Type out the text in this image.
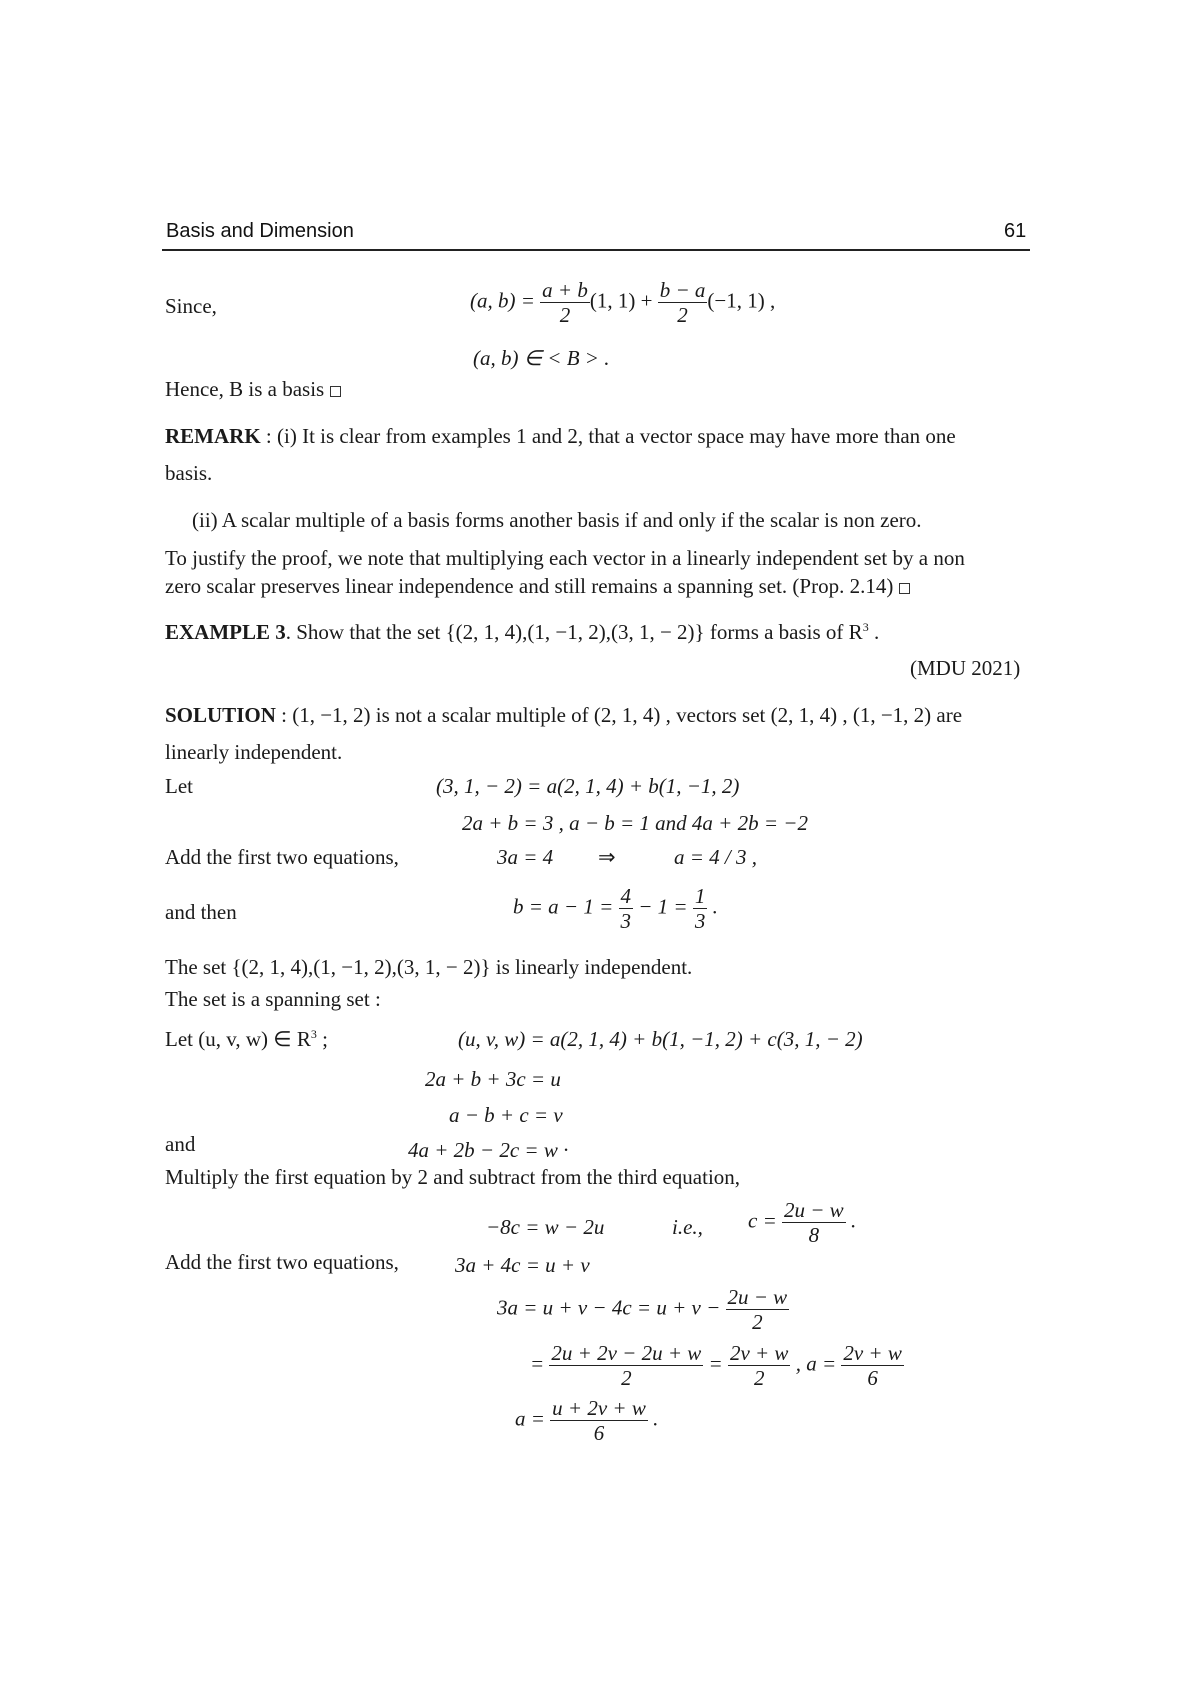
Basis and Dimension	61
Since,	(a, $b) = \frac{a + b}{2} (1$, $1) + \frac{b - a}{2} (-1$, 1) ,
(a, b) ∈ < B > .
Hence, B is a basis
REMARK : (i) It is clear from examples 1 and 2, that a vector space may have more than one
basis.
(ii) A scalar multiple of a basis forms another basis if and only if the scalar is non zero.
To justify the proof, we note that multiplying each vector in a linearly independent set by a non
zero scalar preserves linear independence and still remains a spanning set. (Prop. 2.14)
EXAMPLE 3. Show that the set {(2, 1, 4),(1, −1, 2),(3, 1, − 2)} forms a basis of $R^3$ .
(MDU 2021)
SOLUTION : (1, −1, 2) is not a scalar multiple of (2, 1, 4) , vectors set (2, 1, 4) , (1, −1, 2) are
linearly independent.
Let	(3, 1, − 2) = a(2, 1, 4) + b(1, −1, 2)
2a + b = 3 , a − b = 1 and 4a + 2b = −2
Add the first two equations,	3a = 4 ⇒	a = 4 / 3 ,
and then	$b = a - 1 = \frac{4}{3} - 1 = \frac{1}{3}$ .
The set {(2, 1, 4),(1, −1, 2),(3, 1, − 2)} is linearly independent.
The set is a spanning set :
Let (u, v, w) ∈ $R^3$ ;	(u, v, w) = a(2, 1, 4) + b(1, −1, 2) + c(3, 1, − 2)
2a + b + 3c = u
a − b + c = v
and	4a + 2b − 2c = w ·
Multiply the first equation by 2 and subtract from the third equation,
−8c = w − 2u	i.e., $c = \frac{2u - w}{8}$ .
Add the first two equations,	3a + 4c = u + v
$3a = u + v - 4c = u + v - \frac{2u - w}{2}$
= $\frac{2u + 2v - 2u + w}{2} = \frac{2v + w}{2}$ , $a = \frac{2v + w}{6}$
$a = \frac{u + 2v + w}{6}$ .
